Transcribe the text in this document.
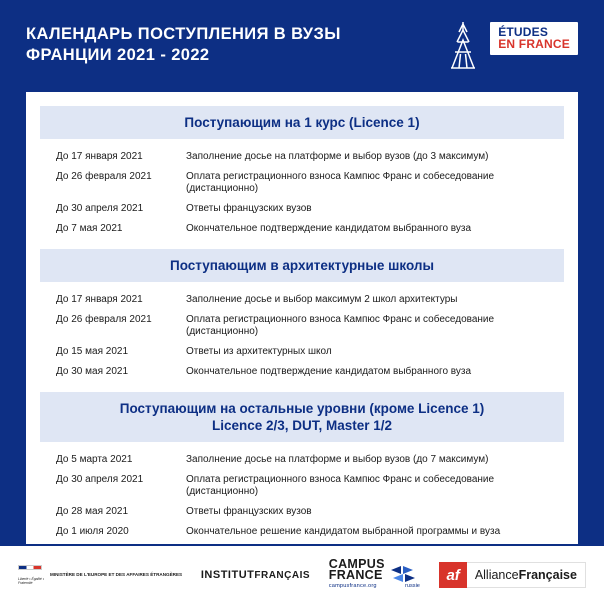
КАЛЕНДАРЬ ПОСТУПЛЕНИЯ В ВУЗЫ
ФРАНЦИИ 2021 - 2022
ÉTUDES
EN FRANCE
Поступающим на 1 курс (Licence 1)
До 17 января 2021	Заполнение досье на платформе и выбор вузов (до 3 максимум)
До 26 февраля 2021	Оплата регистрационного взноса Кампюс Франс и собеседование (дистанционно)
До 30 апреля 2021	Ответы французских вузов
До 7 мая 2021	Окончательное подтверждение кандидатом выбранного вуза
Поступающим в архитектурные школы
До 17 января 2021	Заполнение досье и выбор максимум 2 школ архитектуры
До 26 февраля 2021	Оплата регистрационного взноса Кампюс Франс и собеседование (дистанционно)
До 15 мая 2021	Ответы из архитектурных школ
До 30 мая 2021	Окончательное подтверждение кандидатом выбранного вуза
Поступающим на остальные уровни (кроме Licence 1)
Licence 2/3, DUT, Master 1/2
До 5 марта 2021	Заполнение досье на платформе и выбор вузов (до 7 максимум)
До 30 апреля 2021	Оплата регистрационного взноса Кампюс Франс и собеседование (дистанционно)
До 28 мая 2021	Ответы французских вузов
До 1 июля 2020	Окончательное решение кандидатом выбранной программы и вуза
Liberté • Égalité • Fraternité
MINISTÈRE DE L'EUROPE ET DES AFFAIRES ÉTRANGÈRES INSTITUT FRANÇAIS
CAMPUS
FRANCE
campusfrance.org	russie
af	Alliance Française
